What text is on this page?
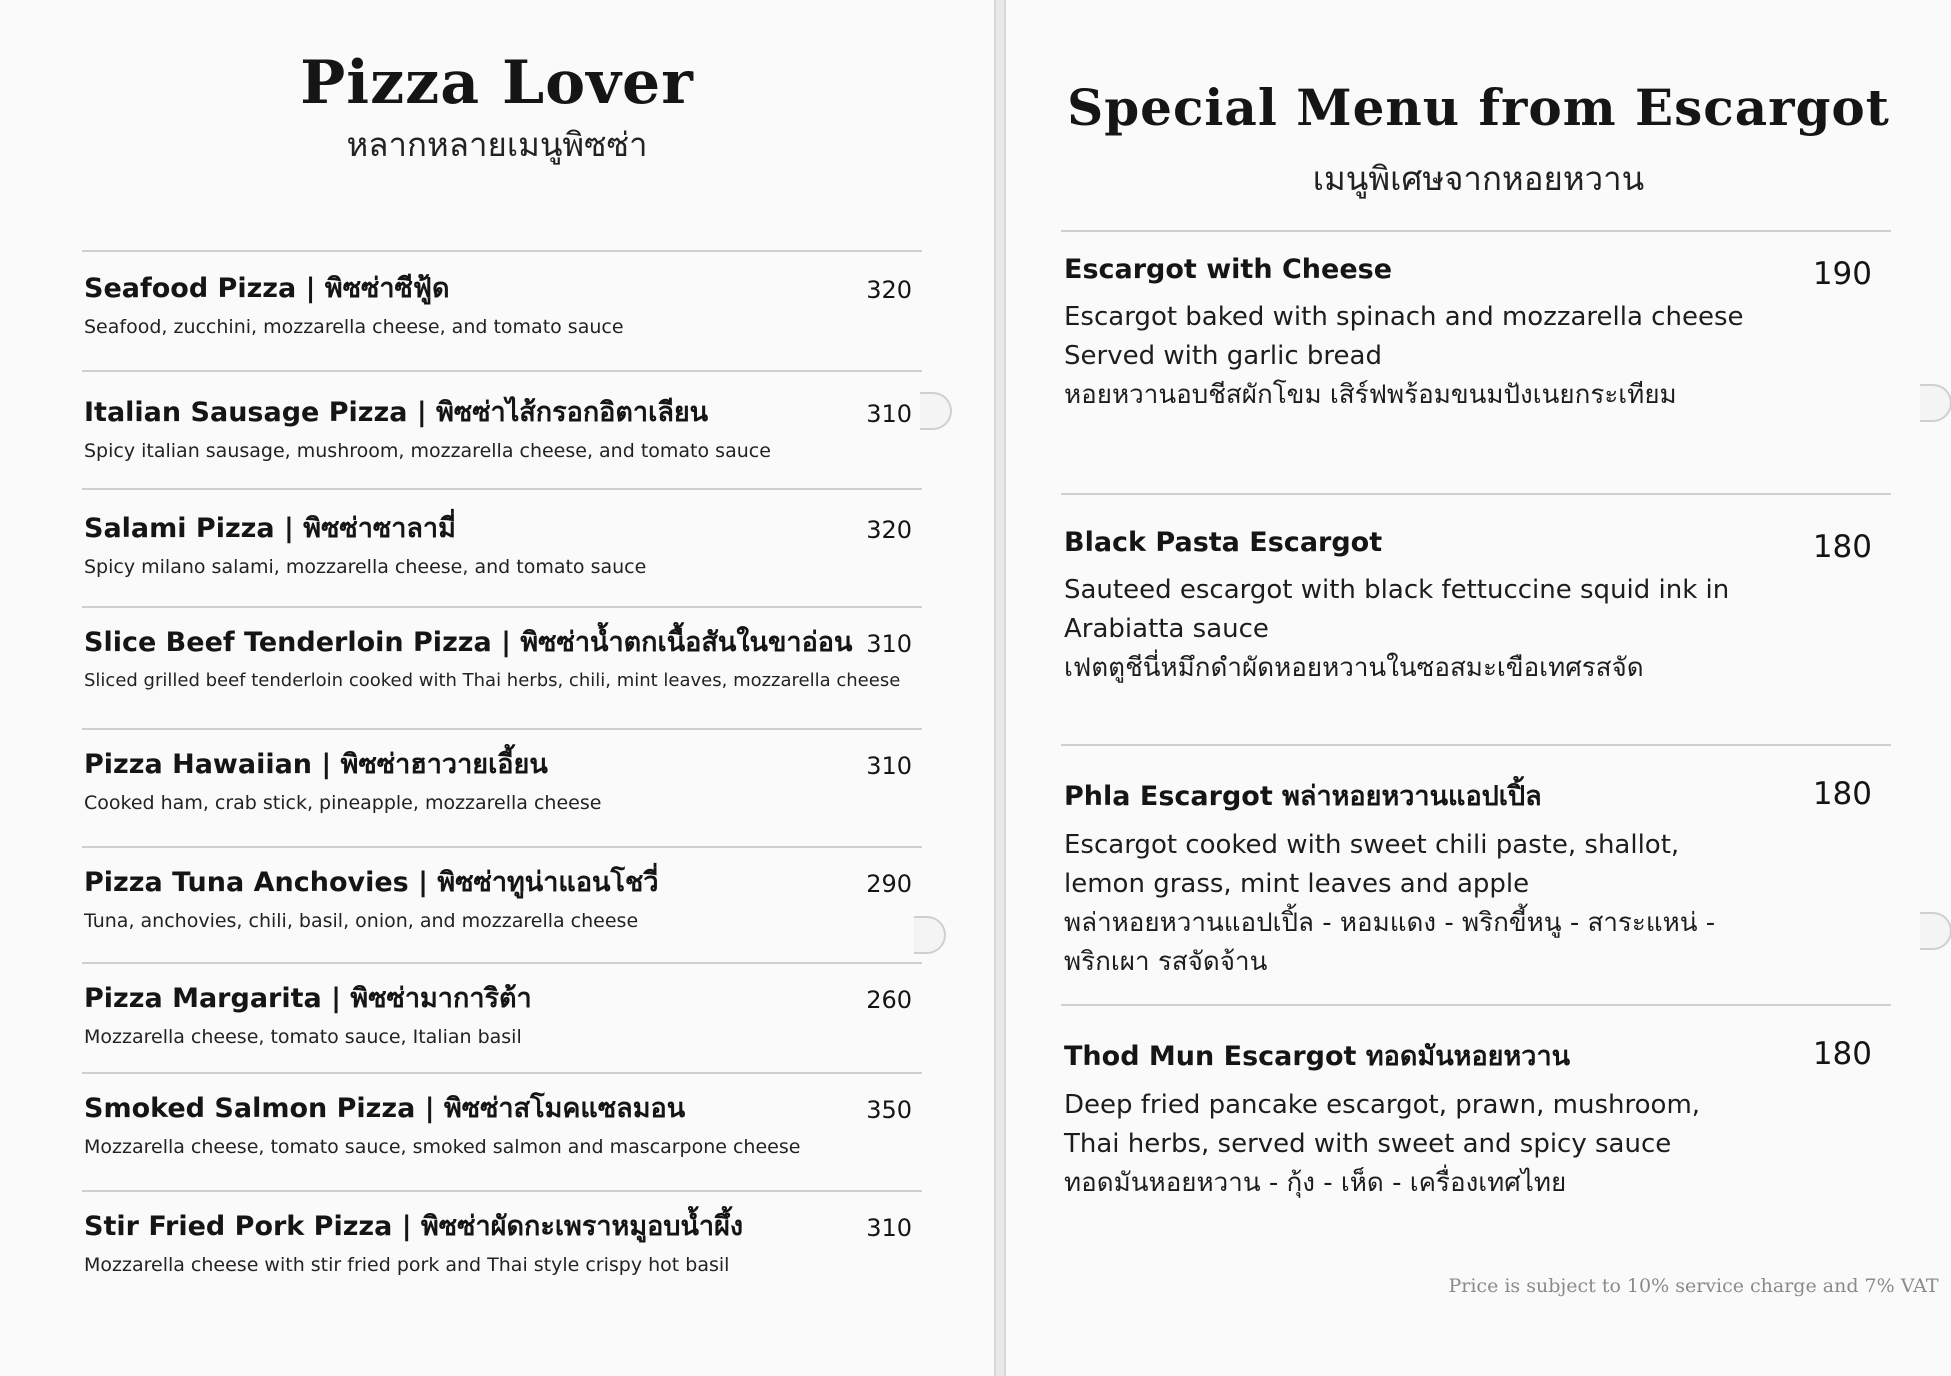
Pizza Lover
หลากหลายเมนูพิซซ่า
Seafood Pizza | พิซซ่าซีฟู้ด	320
Seafood, zucchini, mozzarella cheese, and tomato sauce
Italian Sausage Pizza | พิซซ่าไส้กรอกอิตาเลียน	310
Spicy italian sausage, mushroom, mozzarella cheese, and tomato sauce
Salami Pizza | พิซซ่าซาลามี่	320
Spicy milano salami, mozzarella cheese, and tomato sauce
Slice Beef Tenderloin Pizza | พิซซ่าน้ำตกเนื้อสันในขาอ่อน 310
Sliced grilled beef tenderloin cooked with Thai herbs, chili, mint leaves, mozzarella cheese
Pizza Hawaiian | พิซซ่าฮาวายเอี้ยน	310
Cooked ham, crab stick, pineapple, mozzarella cheese
Pizza Tuna Anchovies | พิซซ่าทูน่าแอนโชวี่	290
Tuna, anchovies, chili, basil, onion, and mozzarella cheese
Pizza Margarita | พิซซ่ามาการิต้า	260
Mozzarella cheese, tomato sauce, Italian basil
Smoked Salmon Pizza | พิซซ่าสโมคแซลมอน	350
Mozzarella cheese, tomato sauce, smoked salmon and mascarpone cheese
Stir Fried Pork Pizza | พิซซ่าผัดกะเพราหมูอบน้ำผึ้ง	310
Mozzarella cheese with stir fried pork and Thai style crispy hot basil
Special Menu from Escargot
เมนูพิเศษจากหอยหวาน
Escargot with Cheese	190
Escargot baked with spinach and mozzarella cheese
Served with garlic bread
หอยหวานอบชีสผักโขม เสิร์ฟพร้อมขนมปังเนยกระเทียม
Black Pasta Escargot	180
Sauteed escargot with black fettuccine squid ink in
Arabiatta sauce
เฟตตูชีนี่หมึกดำผัดหอยหวานในซอสมะเขือเทศรสจัด
Phla Escargot พล่าหอยหวานแอปเปิ้ล	180
Escargot cooked with sweet chili paste, shallot,
lemon grass, mint leaves and apple
พล่าหอยหวานแอปเปิ้ล - หอมแดง - พริกขี้หนู - สาระแหน่ -
พริกเผา รสจัดจ้าน
Thod Mun Escargot ทอดมันหอยหวาน	180
Deep fried pancake escargot, prawn, mushroom,
Thai herbs, served with sweet and spicy sauce
ทอดมันหอยหวาน - กุ้ง - เห็ด - เครื่องเทศไทย

Price is subject to 10% service charge and 7% VAT
